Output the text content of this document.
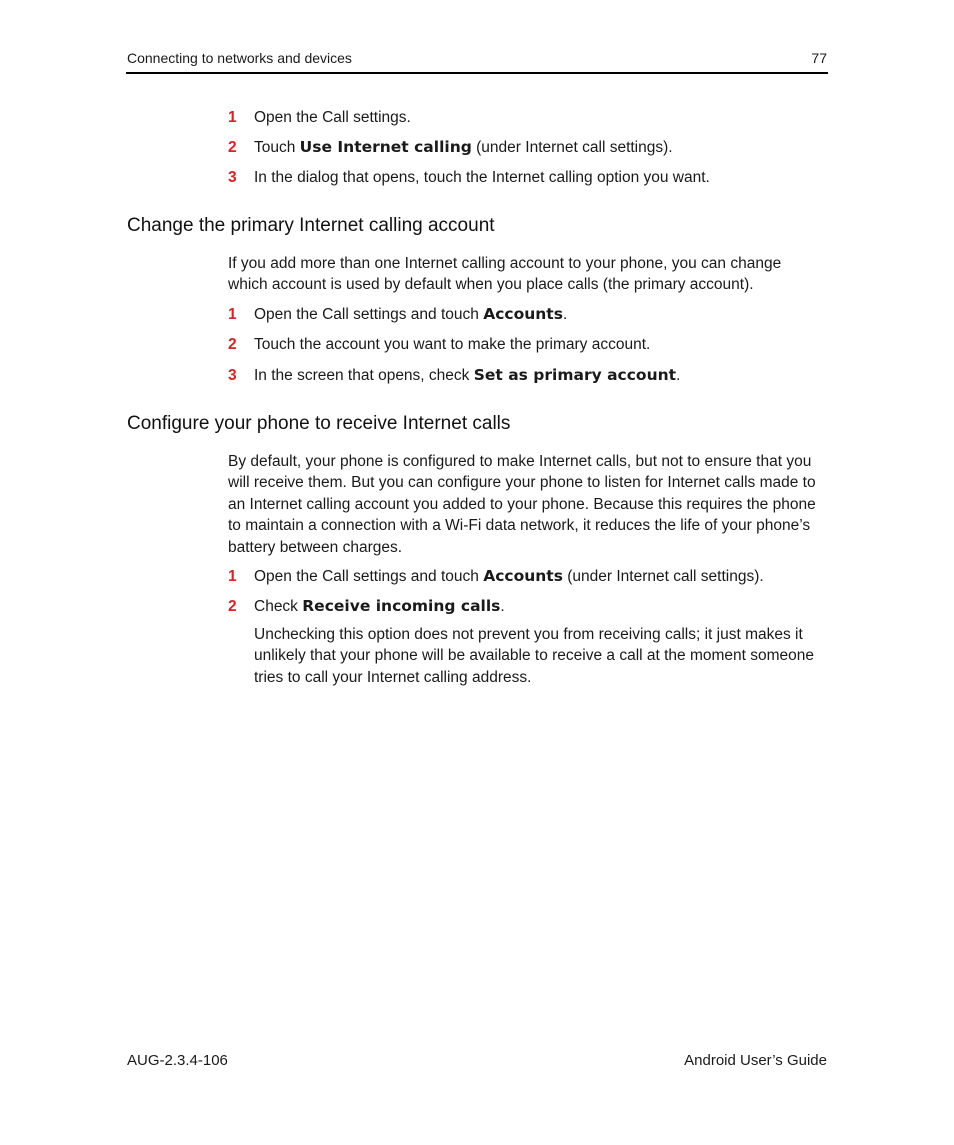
Connecting to networks and devices	77
1 Open the Call settings.
2 Touch Use Internet calling (under Internet call settings).
3 In the dialog that opens, touch the Internet calling option you want.
Change the primary Internet calling account
If you add more than one Internet calling account to your phone, you can change
which account is used by default when you place calls (the primary account).
1 Open the Call settings and touch Accounts.
2 Touch the account you want to make the primary account.
3 In the screen that opens, check Set as primary account.
Configure your phone to receive Internet calls
By default, your phone is configured to make Internet calls, but not to ensure that you
will receive them. But you can configure your phone to listen for Internet calls made to
an Internet calling account you added to your phone. Because this requires the phone
to maintain a connection with a Wi-Fi data network, it reduces the life of your phone’s
battery between charges.
1 Open the Call settings and touch Accounts (under Internet call settings).
2 Check Receive incoming calls.
Unchecking this option does not prevent you from receiving calls; it just makes it
unlikely that your phone will be available to receive a call at the moment someone
tries to call your Internet calling address.
AUG-2.3.4-106	Android User’s Guide
